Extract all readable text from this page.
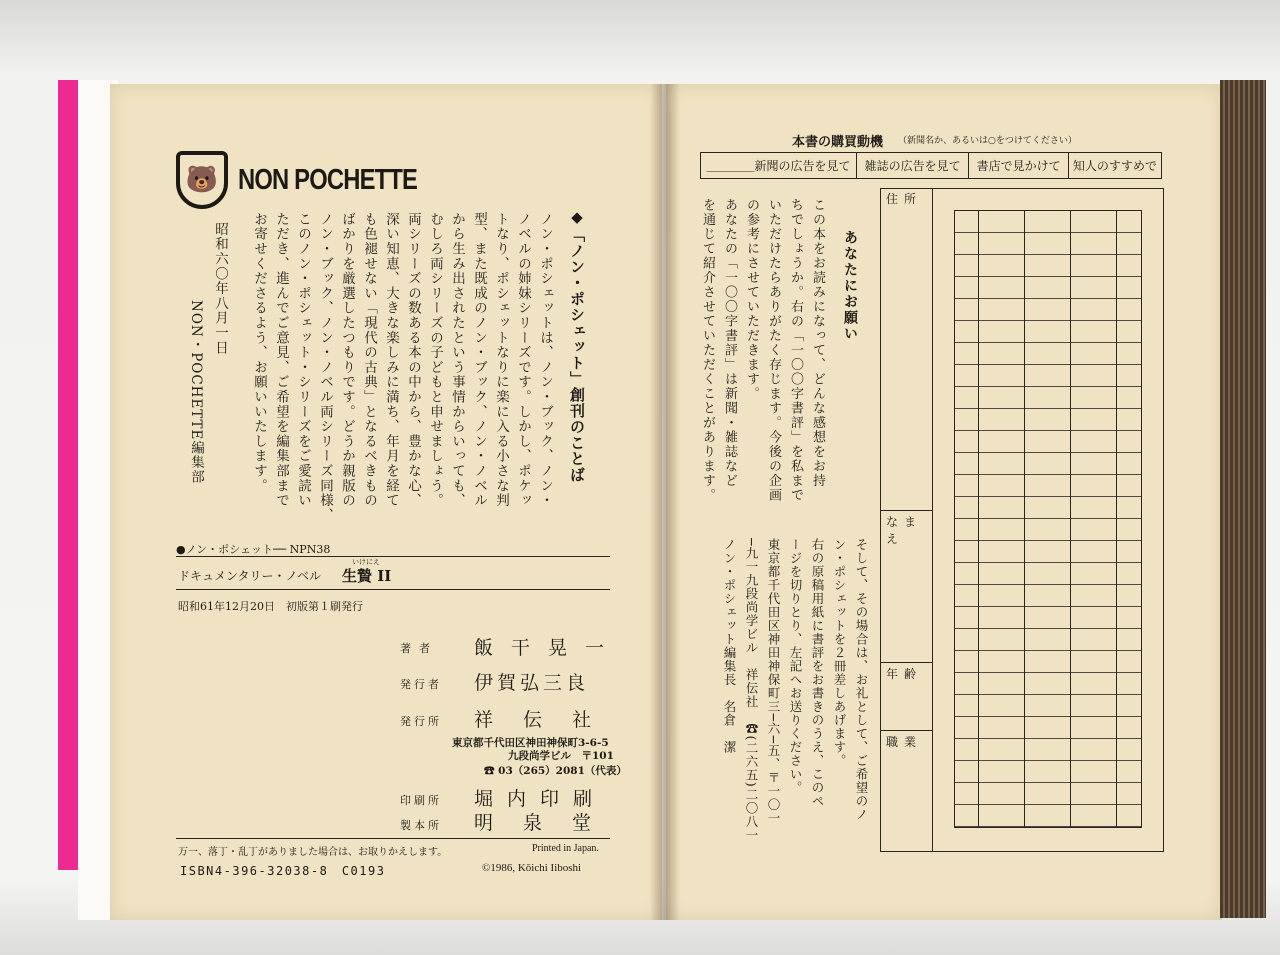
🐻 NON POCHETTE
◆「ノン・ポシェット」創刊のことば
ノン・ポシェットは、ノン・ブック、ノン・
ノベルの姉妹シリーズです。しかし、ポケッ
トなり、ポシェットなりに楽に入る小さな判
型、また既成のノン・ブック、ノン・ノベル
から生み出されたという事情からいっても、
むしろ両シリーズの子どもと申せましょう。
両シリーズの数ある本の中から、豊かな心、
深い知恵、大きな楽しみに満ち、年月を経て
も色褪せない「現代の古典」となるべきもの
ばかりを厳選したつもりです。どうか親版の
ノン・ブック、ノン・ノベル両シリーズ同様、
このノン・ポシェット・シリーズをご愛読い
ただき、進んでご意見、ご希望を編集部まで
お寄せくださるよう、お願いいたします。
昭和六〇年八月一日
NON・POCHETTE編集部
●ノン・ポシェット── NPN38
ドキュメンタリー・ノベル
いけにえ
生贄 II
昭和61年12月20日　初版第１刷発行
著者 飯干晃一
発行者 伊賀弘三良
発行所 祥伝社
東京都千代田区神田神保町3-6-5
九段尚学ビル　〒101
☎ 03（265）2081（代表）
印刷所 堀内印刷
製本所 明泉堂
万一、落丁・乱丁がありました場合は、お取りかえします。	Printed in Japan.
ISBN4-396-32038-8　C0193	©1986, Kōichi Iiboshi
本書の購買動機 （新聞名か、あるいは○をつけてください）
＿＿＿＿新聞の広告を見て	雑誌の広告を見て	書店で見かけて	知人のすすめで
あなたにお願い
この本をお読みになって、どんな感想をお持
ちでしょうか。右の「一〇〇字書評」を私まで
いただけたらありがたく存じます。今後の企画
の参考にさせていただきます。
あなたの「一〇〇字書評」は新聞・雑誌など
を通じて紹介させていただくことがあります。
そして、その場合は、お礼として、ご希望のノ
ン・ポシェットを２冊差しあげます。
右の原稿用紙に書評をお書きのうえ、このペ
ージを切りとり、左記へお送りください。
東京都千代田区神田神保町三─六─五、〒一〇一
─九一九段尚学ビル　祥伝社　☎(二六五)二〇八一
ノン・ポシェット編集長　名倉　潔
住所
なまえ
年齢
職業
